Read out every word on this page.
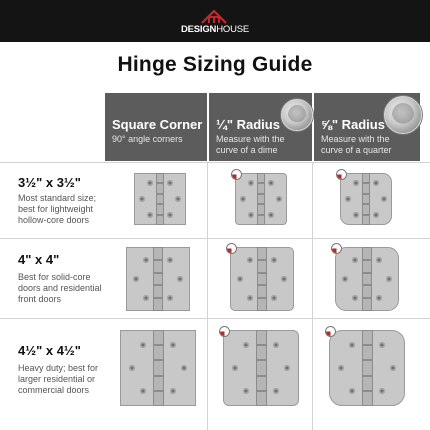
DESIGNHOUSE
Hinge Sizing Guide
Square Corner
90° angle corners
¼" Radius
Measure with the curve of a dime
⅝" Radius
Measure with the curve of a quarter
3½" x 3½"
Most standard size; best for lightweight hollow-core doors
4" x 4"
Best for solid-core doors and residential front doors
4½" x 4½"
Heavy duty; best for larger residential or commercial doors
